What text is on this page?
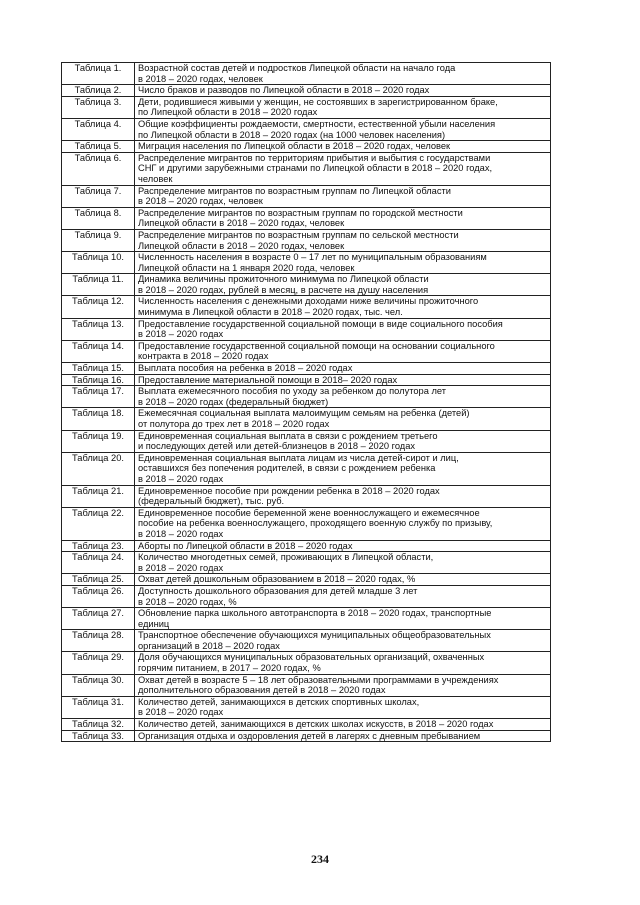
Таблица 1.	Возрастной состав детей и подростков Липецкой области на начало года
в 2018 – 2020 годах, человек
Таблица 2.	Число браков и разводов по Липецкой области в 2018 – 2020 годах
Таблица 3.	Дети, родившиеся живыми у женщин, не состоявших в зарегистрированном браке,
по Липецкой области в 2018 – 2020 годах
Таблица 4.	Общие коэффициенты рождаемости, смертности, естественной убыли населения
по Липецкой области в 2018 – 2020 годах (на 1000 человек населения)
Таблица 5.	Миграция населения по Липецкой области в 2018 – 2020 годах, человек
Таблица 6.	Распределение мигрантов по территориям прибытия и выбытия с государствами
СНГ и другими зарубежными странами по Липецкой области в 2018 – 2020 годах,
человек
Таблица 7.	Распределение мигрантов по возрастным группам по Липецкой области
в 2018 – 2020 годах, человек
Таблица 8.	Распределение мигрантов по возрастным группам по городской местности
Липецкой области в 2018 – 2020 годах, человек
Таблица 9.	Распределение мигрантов по возрастным группам по сельской местности
Липецкой области в 2018 – 2020 годах, человек
Таблица 10.	Численность населения в возрасте 0 – 17 лет по муниципальным образованиям
Липецкой области на 1 января 2020 года, человек
Таблица 11.	Динамика величины прожиточного минимума по Липецкой области
в 2018 – 2020 годах, рублей в месяц, в расчете на душу населения
Таблица 12.	Численность населения с денежными доходами ниже величины прожиточного
минимума в Липецкой области в 2018 – 2020 годах, тыс. чел.
Таблица 13.	Предоставление государственной социальной помощи в виде социального пособия
в 2018 – 2020 годах
Таблица 14.	Предоставление государственной социальной помощи на основании социального
контракта в 2018 – 2020 годах
Таблица 15.	Выплата пособия на ребенка в 2018 – 2020 годах
Таблица 16.	Предоставление материальной помощи в 2018– 2020 годах
Таблица 17.	Выплата ежемесячного пособия по уходу за ребенком до полутора лет
в 2018 – 2020 годах (федеральный бюджет)
Таблица 18.	Ежемесячная социальная выплата малоимущим семьям на ребенка (детей)
от полутора до трех лет в 2018 – 2020 годах
Таблица 19.	Единовременная социальная выплата в связи с рождением третьего
и последующих детей или детей-близнецов в 2018 – 2020 годах
Таблица 20.	Единовременная социальная выплата лицам из числа детей-сирот и лиц,
оставшихся без попечения родителей, в связи с рождением ребенка
в 2018 – 2020 годах
Таблица 21.	Единовременное пособие при рождении ребенка в 2018 – 2020 годах
(федеральный бюджет), тыс. руб.
Таблица 22.	Единовременное пособие беременной жене военнослужащего и ежемесячное
пособие на ребенка военнослужащего, проходящего военную службу по призыву,
в 2018 – 2020 годах
Таблица 23.	Аборты по Липецкой области в 2018 – 2020 годах
Таблица 24.	Количество многодетных семей, проживающих в Липецкой области,
в 2018 – 2020 годах
Таблица 25.	Охват детей дошкольным образованием в 2018 – 2020 годах, %
Таблица 26.	Доступность дошкольного образования для детей младше 3 лет
в 2018 – 2020 годах, %
Таблица 27.	Обновление парка школьного автотранспорта в 2018 – 2020 годах, транспортные
единиц
Таблица 28.	Транспортное обеспечение обучающихся муниципальных общеобразовательных
организаций в 2018 – 2020 годах
Таблица 29.	Доля обучающихся муниципальных образовательных организаций, охваченных
горячим питанием, в 2017 – 2020 годах, %
Таблица 30.	Охват детей в возрасте 5 – 18 лет образовательными программами в учреждениях
дополнительного образования детей в 2018 – 2020 годах
Таблица 31.	Количество детей, занимающихся в детских спортивных школах,
в 2018 – 2020 годах
Таблица 32.	Количество детей, занимающихся в детских школах искусств, в 2018 – 2020 годах
Таблица 33.	Организация отдыха и оздоровления детей в лагерях с дневным пребыванием
234
